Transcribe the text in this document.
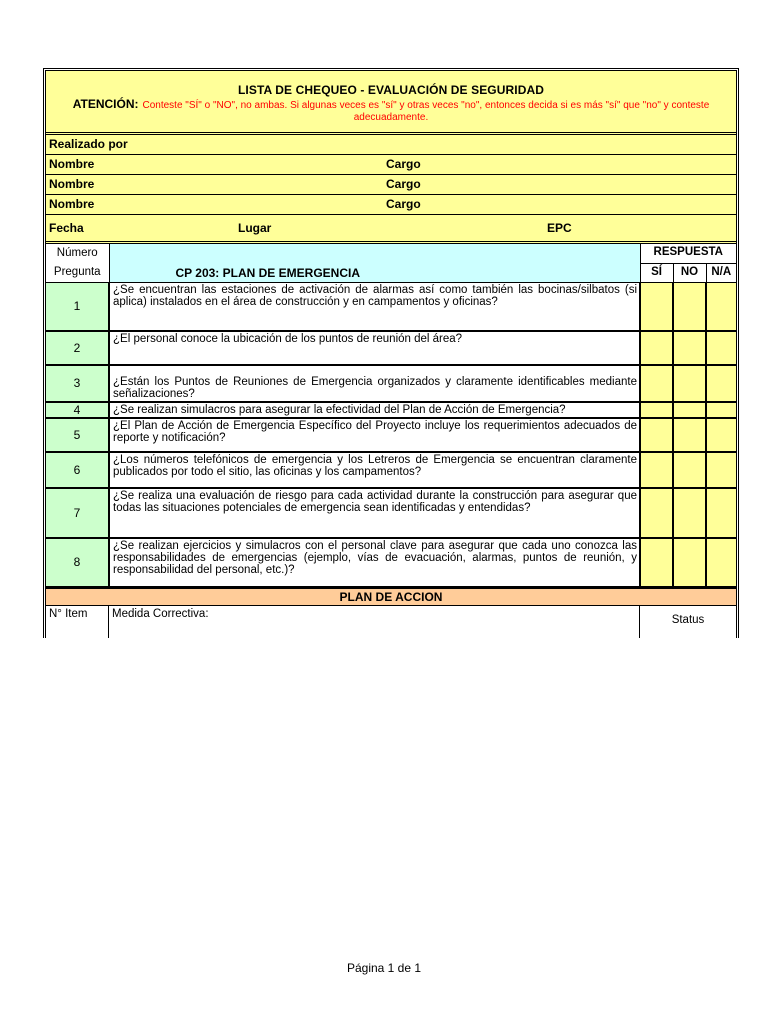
LISTA DE CHEQUEO - EVALUACIÓN DE SEGURIDAD
ATENCIÓN: Conteste "SÍ" o "NO", no ambas. Si algunas veces es "sí" y otras veces "no", entonces decida si es más "sí" que "no" y conteste adecuadamente.
Realizado por
Nombre	Cargo
Nombre	Cargo
Nombre	Cargo
Fecha	Lugar	EPC
Número
Pregunta	CP 203: PLAN DE EMERGENCIA	RESPUESTA		
		SÍ	NO	N/A
1	¿Se encuentran las estaciones de activación de alarmas así como también las bocinas/silbatos (si aplica) instalados en el área de construcción y en campamentos y oficinas?			
2	¿El personal conoce la ubicación de los puntos de reunión del área?			
3	¿Están los Puntos de Reuniones de Emergencia organizados y claramente identificables mediante señalizaciones?			
4	¿Se realizan simulacros para asegurar la efectividad del Plan de Acción de Emergencia?			
5	¿El Plan de Acción de Emergencia Específico del Proyecto incluye los requerimientos adecuados de reporte y notificación?			
6	¿Los números telefónicos de emergencia y los Letreros de Emergencia se encuentran claramente publicados por todo el sitio, las oficinas y los campamentos?			
7	¿Se realiza una evaluación de riesgo para cada actividad durante la construcción para asegurar que todas las situaciones potenciales de emergencia sean identificadas y entendidas?			
8	¿Se realizan ejercicios y simulacros con el personal clave para asegurar que cada uno conozca las responsabilidades de emergencias (ejemplo, vías de evacuación, alarmas, puntos de reunión, y responsabilidad del personal, etc.)?			
PLAN DE ACCION
N° Item	Medida Correctiva:	Status
Página 1 de 1
